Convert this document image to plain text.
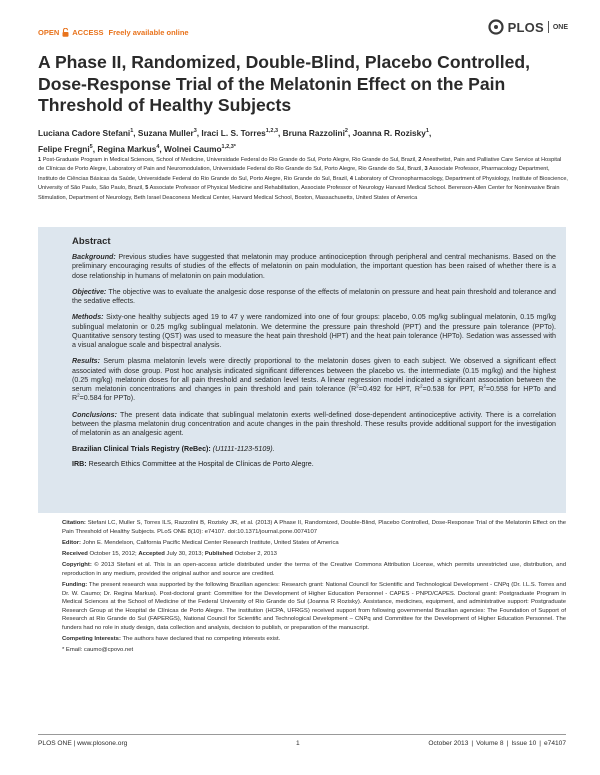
OPEN ACCESS Freely available online	PLOS ONE
A Phase II, Randomized, Double-Blind, Placebo Controlled, Dose-Response Trial of the Melatonin Effect on the Pain Threshold of Healthy Subjects
Luciana Cadore Stefani$^1$, Suzana Muller$^3$, Iraci L. S. Torres$^{1,2,3}$, Bruna Razzolini$^2$, Joanna R. Rozisky$^1$,
Felipe Fregni$^5$, Regina Markus$^4$, Wolnei Caumo$^{1,2,3*}$
1 Post-Graduate Program in Medical Sciences, School of Medicine, Universidade Federal do Rio Grande do Sul, Porto Alegre, Rio Grande do Sul, Brazil, 2 Anesthetist, Pain and Palliative Care Service at Hospital de Clínicas de Porto Alegre, Laboratory of Pain and Neuromodulation, Universidade Federal do Rio Grande do Sul, Porto Alegre, Rio Grande do Sul, Brazil, 3 Associate Professor, Pharmacology Department, Instituto de Ciências Básicas da Saúde, Universidade Federal do Rio Grande do Sul, Porto Alegre, Rio Grande do Sul, Brazil, 4 Laboratory of Chronopharmacology, Department of Physiology, Institute of Bioscience, University of São Paulo, São Paulo, Brazil, 5 Associate Professor of Physical Medicine and Rehabilitation, Associate Professor of Neurology Harvard Medical School. Berenson-Allen Center for Noninvasive Brain Stimulation, Department of Neurology, Beth Israel Deaconess Medical Center, Harvard Medical School, Boston, Massachusetts, United States of America
Abstract

Background: Previous studies have suggested that melatonin may produce antinociception through peripheral and central mechanisms. Based on the preliminary encouraging results of studies of the effects of melatonin on pain modulation, the important question has been raised of whether there is a dose relationship in humans of melatonin on pain modulation.

Objective: The objective was to evaluate the analgesic dose response of the effects of melatonin on pressure and heat pain threshold and tolerance and the sedative effects.

Methods: Sixty-one healthy subjects aged 19 to 47 y were randomized into one of four groups: placebo, 0.05 mg/kg sublingual melatonin, 0.15 mg/kg sublingual melatonin or 0.25 mg/kg sublingual melatonin. We determine the pressure pain threshold (PPT) and the pressure pain tolerance (PPTo). Quantitative sensory testing (QST) was used to measure the heat pain threshold (HPT) and the heat pain tolerance (HPTo). Sedation was assessed with a visual analogue scale and bispectral analysis.

Results: Serum plasma melatonin levels were directly proportional to the melatonin doses given to each subject. We observed a significant effect associated with dose group. Post hoc analysis indicated significant differences between the placebo vs. the intermediate (0.15 mg/kg) and the highest (0.25 mg/kg) melatonin doses for all pain threshold and sedation level tests. A linear regression model indicated a significant association between the serum melatonin concentrations and changes in pain threshold and pain tolerance ($R^2=0.492$ for HPT, $R^2=0.538$ for PPT, $R^2=0.558$ for HPTo and $R^2=0.584$ for PPTo).

Conclusions: The present data indicate that sublingual melatonin exerts well-defined dose-dependent antinociceptive activity. There is a correlation between the plasma melatonin drug concentration and acute changes in the pain threshold. These results provide additional support for the investigation of melatonin as an analgesic agent.

Brazilian Clinical Trials Registry (ReBec): (U1111-1123-5109).

IRB: Research Ethics Committee at the Hospital de Clínicas de Porto Alegre.

Citation: Stefani LC, Muller S, Torres ILS, Razzolini B, Rozisky JR, et al. (2013) A Phase II, Randomized, Double-Blind, Placebo Controlled, Dose-Response Trial of the Melatonin Effect on the Pain Threshold of Healthy Subjects. PLoS ONE 8(10): e74107. doi:10.1371/journal.pone.0074107

Editor: John E. Mendelson, California Pacific Medical Center Research Institute, United States of America

Received October 15, 2012; Accepted July 30, 2013; Published October 2, 2013

Copyright: © 2013 Stefani et al. This is an open-access article distributed under the terms of the Creative Commons Attribution License, which permits unrestricted use, distribution, and reproduction in any medium, provided the original author and source are credited.

Funding: The present research was supported by the following Brazilian agencies: Research grant: National Council for Scientific and Technological Development - CNPq (Dr. I.L.S. Torres and Dr. W. Caumo; Dr. Regina Markus). Post-doctoral grant: Committee for the Development of Higher Education Personnel - CAPES - PNPD/CAPES. Doctoral grant: Postgraduate Program in Medical Sciences at the School of Medicine of the Federal University of Rio Grande do Sul (Joanna R Rozisky). Assistance, medicines, equipment, and administrative support: Postgraduate Research Group at the Hospital de Clínicas de Porto Alegre. The institution (HCPA, UFRGS) received support from following governmental Brazilian agencies: The Foundation of Support of Research at Rio Grande do Sul (FAPERGS), National Council for Scientific and Technological Development – CNPq and Committee for the Development of Higher Education Personnel. The funders had no role in study design, data collection and analysis, decision to publish, or preparation of the manuscript.

Competing Interests: The authors have declared that no competing interests exist.

* Email: caumo@cpovo.net

PLOS ONE | www.plosone.org	1	October 2013 | Volume 8 | Issue 10 | e74107
